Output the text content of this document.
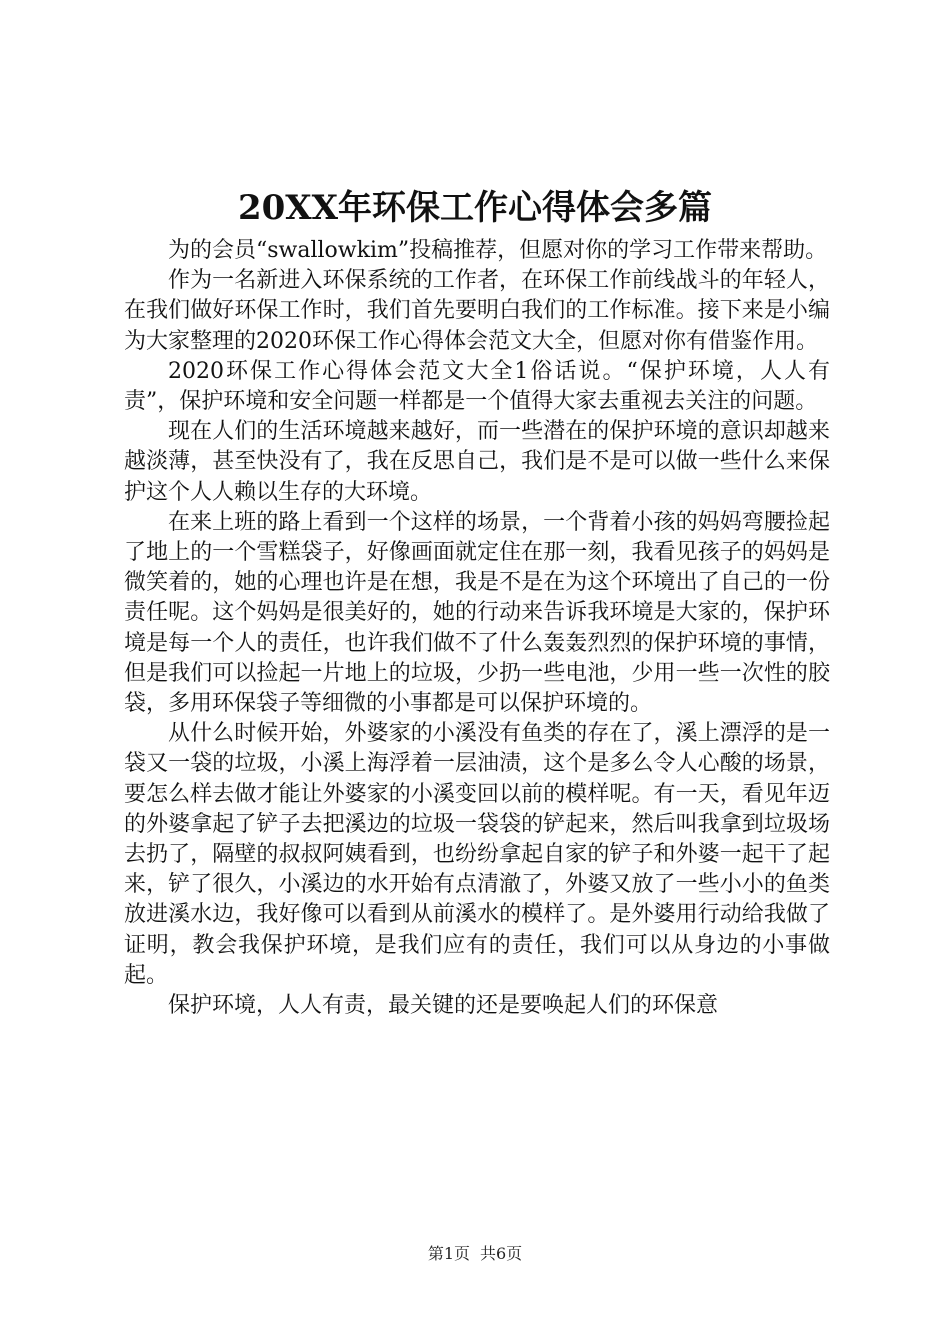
20XX年环保工作心得体会多篇

为的会员“swallowkim”投稿推荐，但愿对你的学习工作带来帮助。

作为一名新进入环保系统的工作者，在环保工作前线战斗的年轻人，在我们做好环保工作时，我们首先要明白我们的工作标准。接下来是小编为大家整理的2020环保工作心得体会范文大全，但愿对你有借鉴作用。

2020环保工作心得体会范文大全1俗话说。“保护环境，人人有责”，保护环境和安全问题一样都是一个值得大家去重视去关注的问题。

现在人们的生活环境越来越好，而一些潜在的保护环境的意识却越来越淡薄，甚至快没有了，我在反思自己，我们是不是可以做一些什么来保护这个人人赖以生存的大环境。

在来上班的路上看到一个这样的场景，一个背着小孩的妈妈弯腰捡起了地上的一个雪糕袋子，好像画面就定住在那一刻，我看见孩子的妈妈是微笑着的，她的心理也许是在想，我是不是在为这个环境出了自己的一份责任呢。这个妈妈是很美好的，她的行动来告诉我环境是大家的，保护环境是每一个人的责任，也许我们做不了什么轰轰烈烈的保护环境的事情，但是我们可以捡起一片地上的垃圾，少扔一些电池，少用一些一次性的胶袋，多用环保袋子等细微的小事都是可以保护环境的。

从什么时候开始，外婆家的小溪没有鱼类的存在了，溪上漂浮的是一袋又一袋的垃圾，小溪上海浮着一层油渍，这个是多么令人心酸的场景，要怎么样去做才能让外婆家的小溪变回以前的模样呢。有一天，看见年迈的外婆拿起了铲子去把溪边的垃圾一袋袋的铲起来，然后叫我拿到垃圾场去扔了，隔壁的叔叔阿姨看到，也纷纷拿起自家的铲子和外婆一起干了起来，铲了很久，小溪边的水开始有点清澈了，外婆又放了一些小小的鱼类放进溪水边，我好像可以看到从前溪水的模样了。是外婆用行动给我做了证明，教会我保护环境，是我们应有的责任，我们可以从身边的小事做起。

保护环境，人人有责，最关键的还是要唤起人们的环保意

第1页 共6页
